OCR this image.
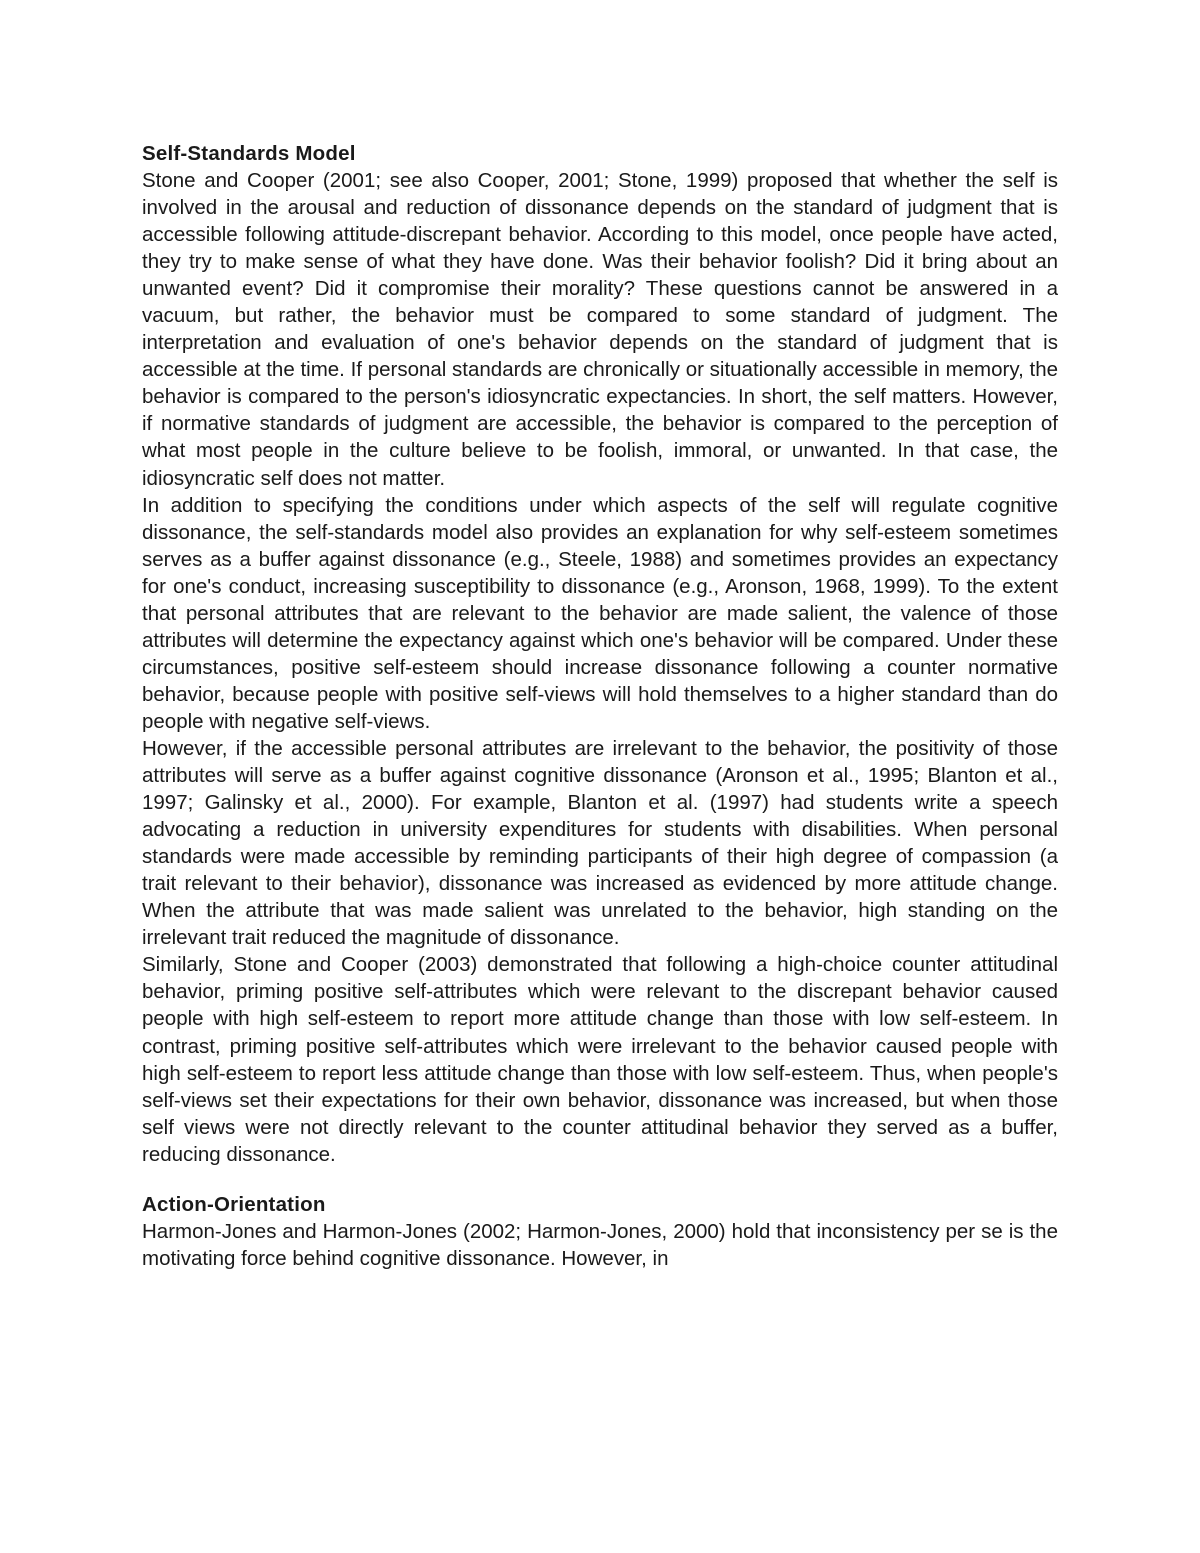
Self-Standards Model

Stone and Cooper (2001; see also Cooper, 2001; Stone, 1999) proposed that whether the self is involved in the arousal and reduction of dissonance depends on the standard of judgment that is accessible following attitude-discrepant behavior. According to this model, once people have acted, they try to make sense of what they have done. Was their behavior foolish? Did it bring about an unwanted event? Did it compromise their morality? These questions cannot be answered in a vacuum, but rather, the behavior must be compared to some standard of judgment. The interpretation and evaluation of one's behavior depends on the standard of judgment that is accessible at the time. If personal standards are chronically or situationally accessible in memory, the behavior is compared to the person's idiosyncratic expectancies. In short, the self matters. However, if normative standards of judgment are accessible, the behavior is compared to the perception of what most people in the culture believe to be foolish, immoral, or unwanted. In that case, the idiosyncratic self does not matter.

In addition to specifying the conditions under which aspects of the self will regulate cognitive dissonance, the self-standards model also provides an explanation for why self-esteem sometimes serves as a buffer against dissonance (e.g., Steele, 1988) and sometimes provides an expectancy for one's conduct, increasing susceptibility to dissonance (e.g., Aronson, 1968, 1999). To the extent that personal attributes that are relevant to the behavior are made salient, the valence of those attributes will determine the expectancy against which one's behavior will be compared. Under these circumstances, positive self-esteem should increase dissonance following a counter normative behavior, because people with positive self-views will hold themselves to a higher standard than do people with negative self-views.

However, if the accessible personal attributes are irrelevant to the behavior, the positivity of those attributes will serve as a buffer against cognitive dissonance (Aronson et al., 1995; Blanton et al., 1997; Galinsky et al., 2000). For example, Blanton et al. (1997) had students write a speech advocating a reduction in university expenditures for students with disabilities. When personal standards were made accessible by reminding participants of their high degree of compassion (a trait relevant to their behavior), dissonance was increased as evidenced by more attitude change. When the attribute that was made salient was unrelated to the behavior, high standing on the irrelevant trait reduced the magnitude of dissonance.

Similarly, Stone and Cooper (2003) demonstrated that following a high-choice counter attitudinal behavior, priming positive self-attributes which were relevant to the discrepant behavior caused people with high self-esteem to report more attitude change than those with low self-esteem. In contrast, priming positive self-attributes which were irrelevant to the behavior caused people with high self-esteem to report less attitude change than those with low self-esteem. Thus, when people's self-views set their expectations for their own behavior, dissonance was increased, but when those self views were not directly relevant to the counter attitudinal behavior they served as a buffer, reducing dissonance.

Action-Orientation

Harmon-Jones and Harmon-Jones (2002; Harmon-Jones, 2000) hold that inconsistency per se is the motivating force behind cognitive dissonance. However, in
